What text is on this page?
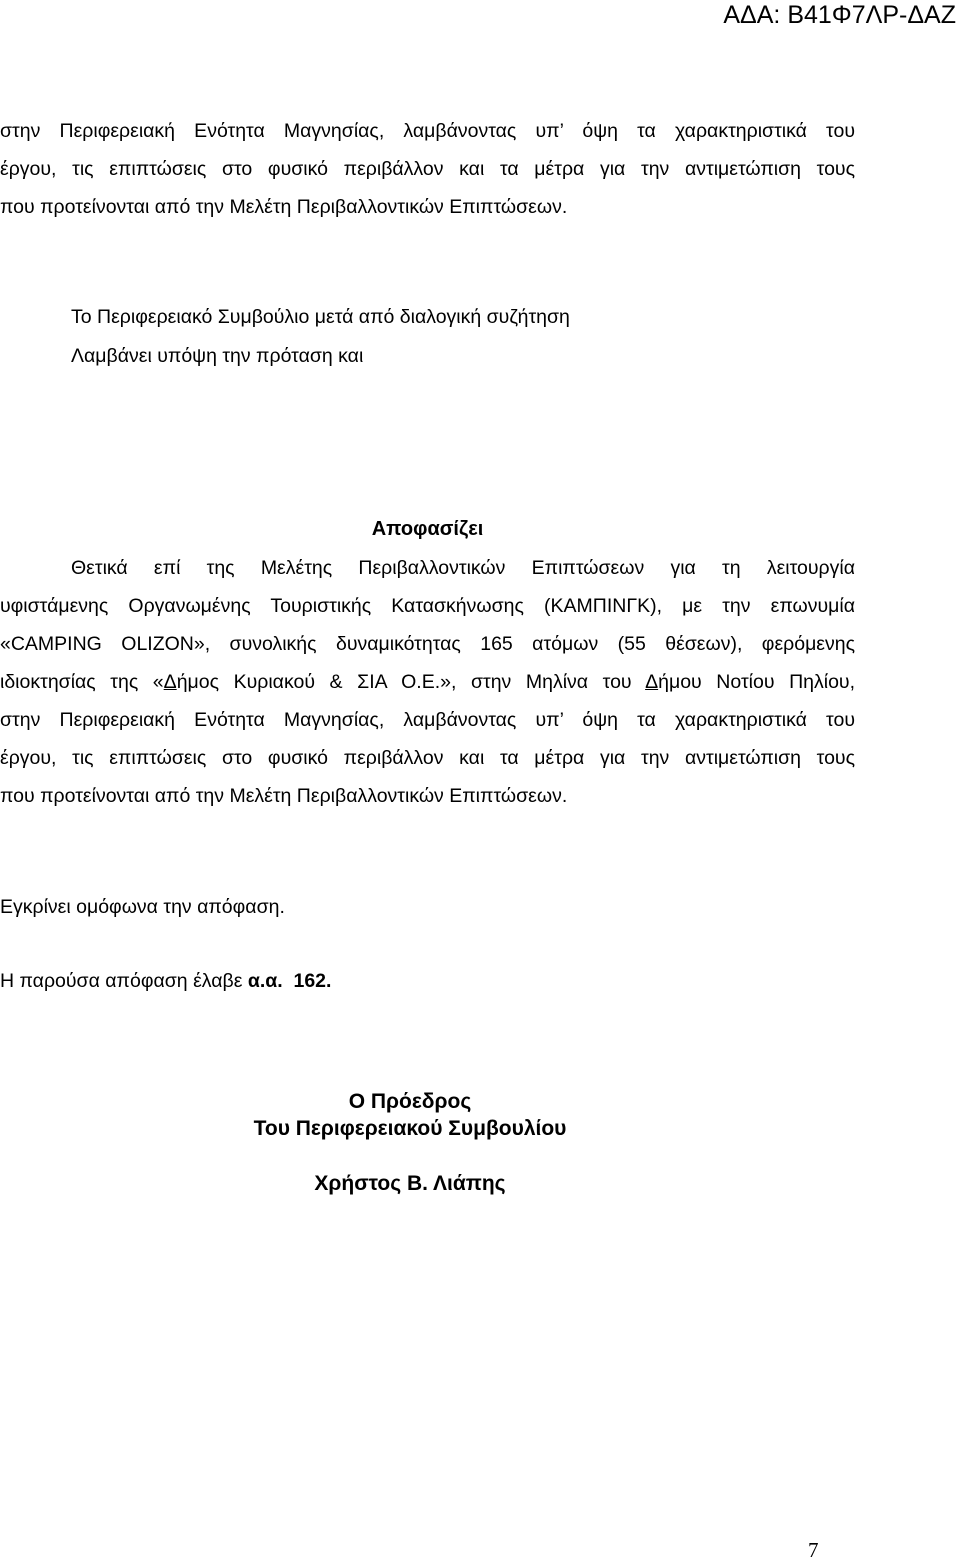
ΑΔΑ: Β41Φ7ΛΡ-ΔΑΖ
στην Περιφερειακή Ενότητα Μαγνησίας, λαμβάνοντας υπ’ όψη τα χαρακτηριστικά του
έργου, τις επιπτώσεις στο φυσικό περιβάλλον και τα μέτρα για την αντιμετώπιση τους
που προτείνονται από την Μελέτη Περιβαλλοντικών Επιπτώσεων.
Το Περιφερειακό Συμβούλιο μετά από διαλογική συζήτηση
Λαμβάνει υπόψη την πρόταση και
Αποφασίζει
Θετικά επί της Μελέτης Περιβαλλοντικών Επιπτώσεων για τη λειτουργία
υφιστάμενης Οργανωμένης Τουριστικής Κατασκήνωσης (ΚΑΜΠΙΝΓΚ), με την επωνυμία
«CAMPING OLIZON», συνολικής δυναμικότητας 165 ατόμων (55 θέσεων), φερόμενης
ιδιοκτησίας της «Δήμος Κυριακού & ΣΙΑ Ο.Ε.», στην Μηλίνα του Δήμου Νοτίου Πηλίου,
στην Περιφερειακή Ενότητα Μαγνησίας, λαμβάνοντας υπ’ όψη τα χαρακτηριστικά του
έργου, τις επιπτώσεις στο φυσικό περιβάλλον και τα μέτρα για την αντιμετώπιση τους
που προτείνονται από την Μελέτη Περιβαλλοντικών Επιπτώσεων.
Εγκρίνει ομόφωνα την απόφαση.
Η παρούσα απόφαση έλαβε α.α. 162.
Ο Πρόεδρος
Του Περιφερειακού Συμβουλίου
Χρήστος Β. Λιάπης
7
